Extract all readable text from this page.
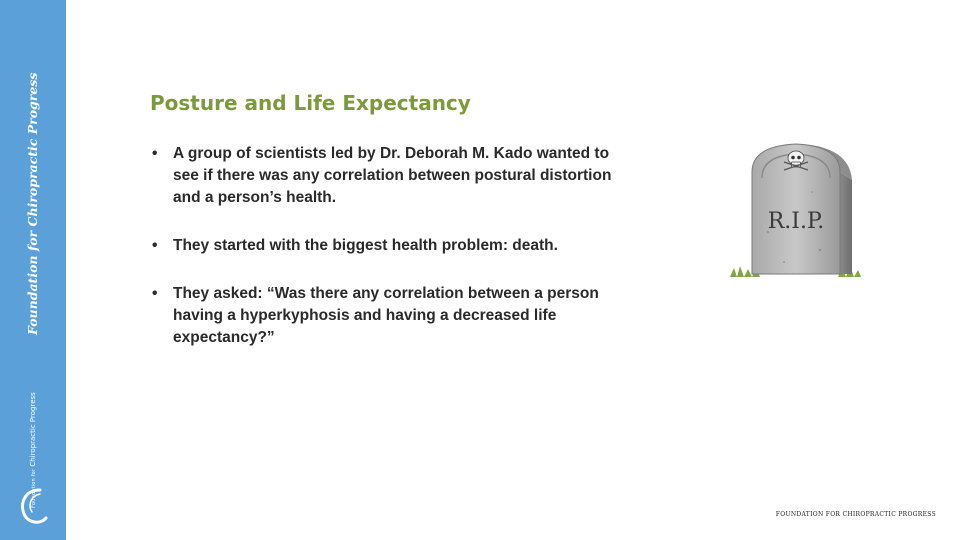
Foundation for Chiropractic Progress
Foundation for Chiropractic Progress
Posture and Life Expectancy
• A group of scientists led by Dr. Deborah M. Kado wanted to see if there was any correlation between postural distortion and a person’s health.
• They started with the biggest health problem: death.
• They asked: “Was there any correlation between a person having a hyperkyphosis and having a decreased life expectancy?”
R.I.P.
FOUNDATION FOR CHIROPRACTIC PROGRESS
